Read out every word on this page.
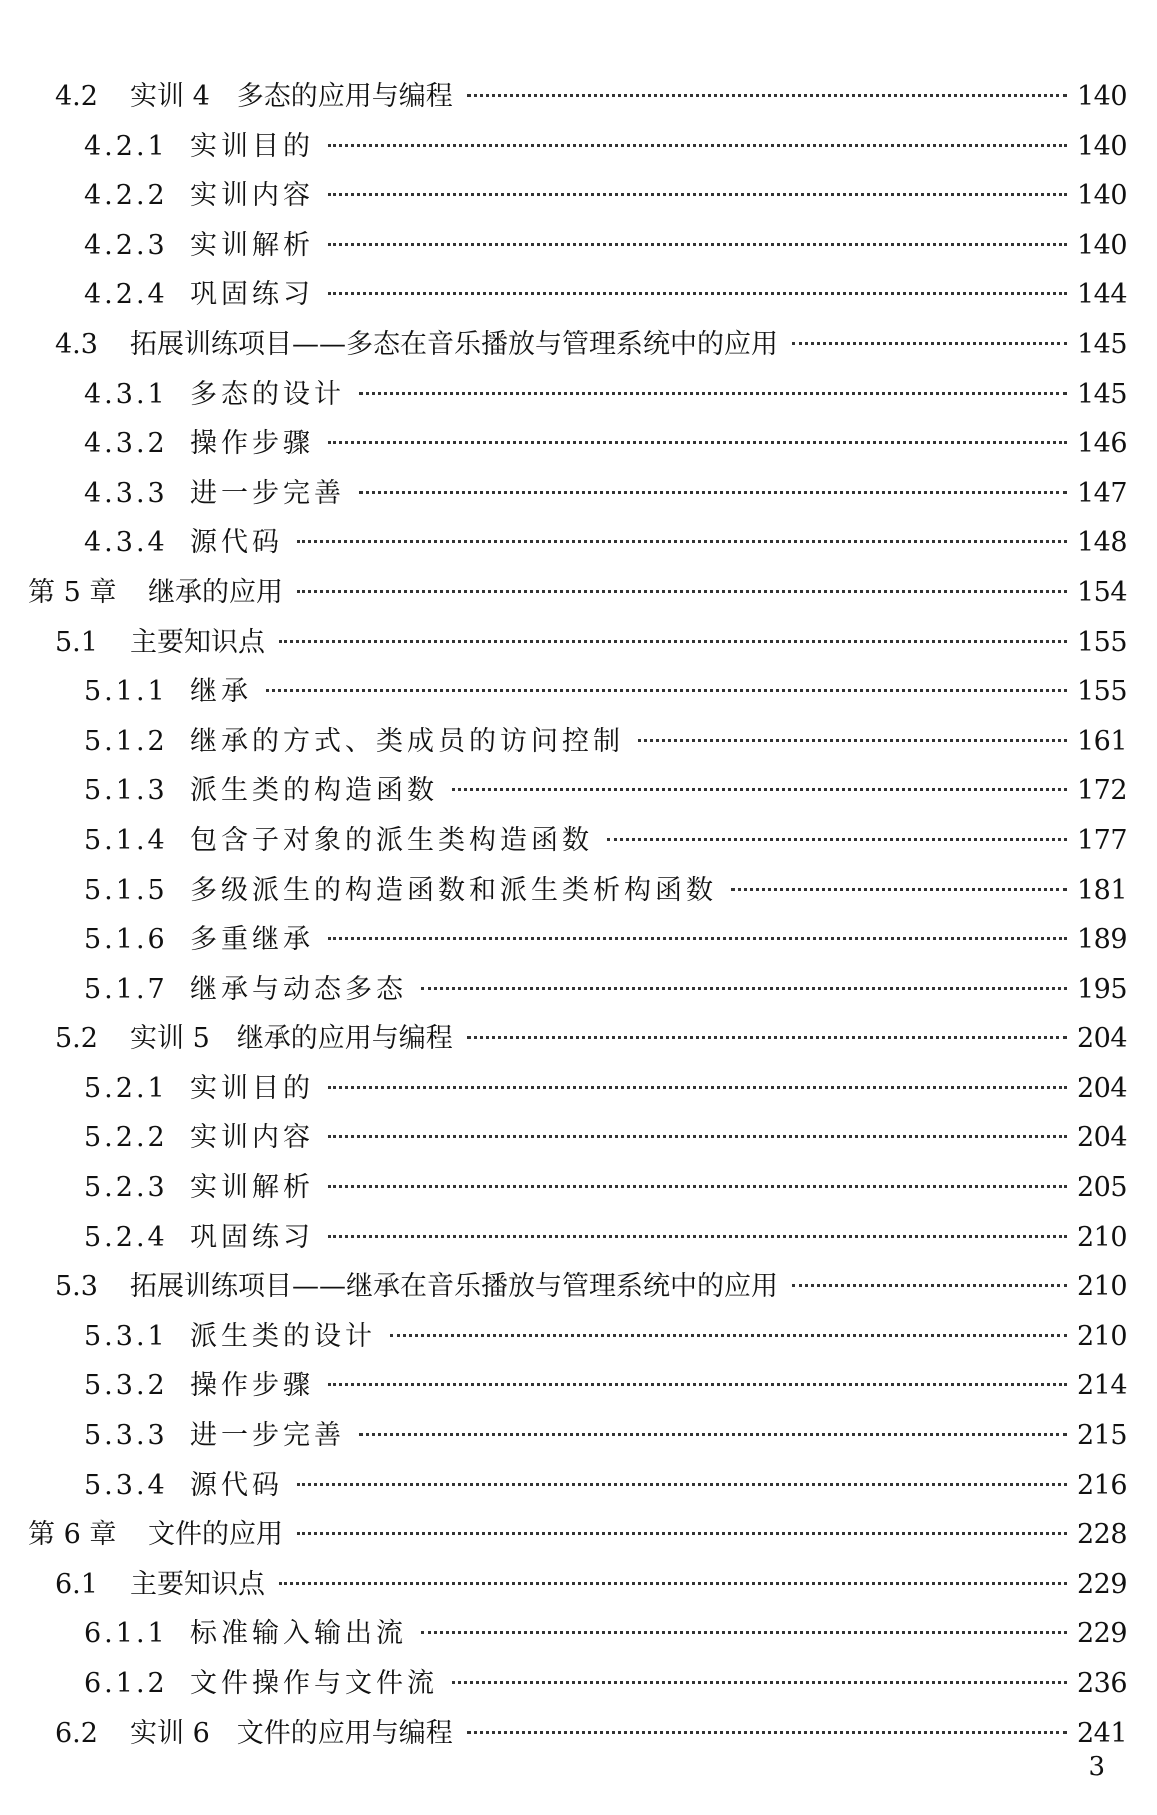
4.2	实训 4　多态的应用与编程	140
4.2.1 实训目的	140
4.2.2 实训内容	140
4.2.3 实训解析	140
4.2.4 巩固练习	144
4.3	拓展训练项目——多态在音乐播放与管理系统中的应用	145
4.3.1 多态的设计	145
4.3.2 操作步骤	146
4.3.3 进一步完善	147
4.3.4 源代码	148
第 5 章	继承的应用	154
5.1	主要知识点	155
5.1.1 继承	155
5.1.2 继承的方式、类成员的访问控制	161
5.1.3 派生类的构造函数	172
5.1.4 包含子对象的派生类构造函数	177
5.1.5 多级派生的构造函数和派生类析构函数	181
5.1.6 多重继承	189
5.1.7 继承与动态多态	195
5.2	实训 5　继承的应用与编程	204
5.2.1 实训目的	204
5.2.2 实训内容	204
5.2.3 实训解析	205
5.2.4 巩固练习	210
5.3	拓展训练项目——继承在音乐播放与管理系统中的应用	210
5.3.1 派生类的设计	210
5.3.2 操作步骤	214
5.3.3 进一步完善	215
5.3.4 源代码	216
第 6 章	文件的应用	228
6.1	主要知识点	229
6.1.1 标准输入输出流	229
6.1.2 文件操作与文件流	236
6.2	实训 6　文件的应用与编程	241
3
